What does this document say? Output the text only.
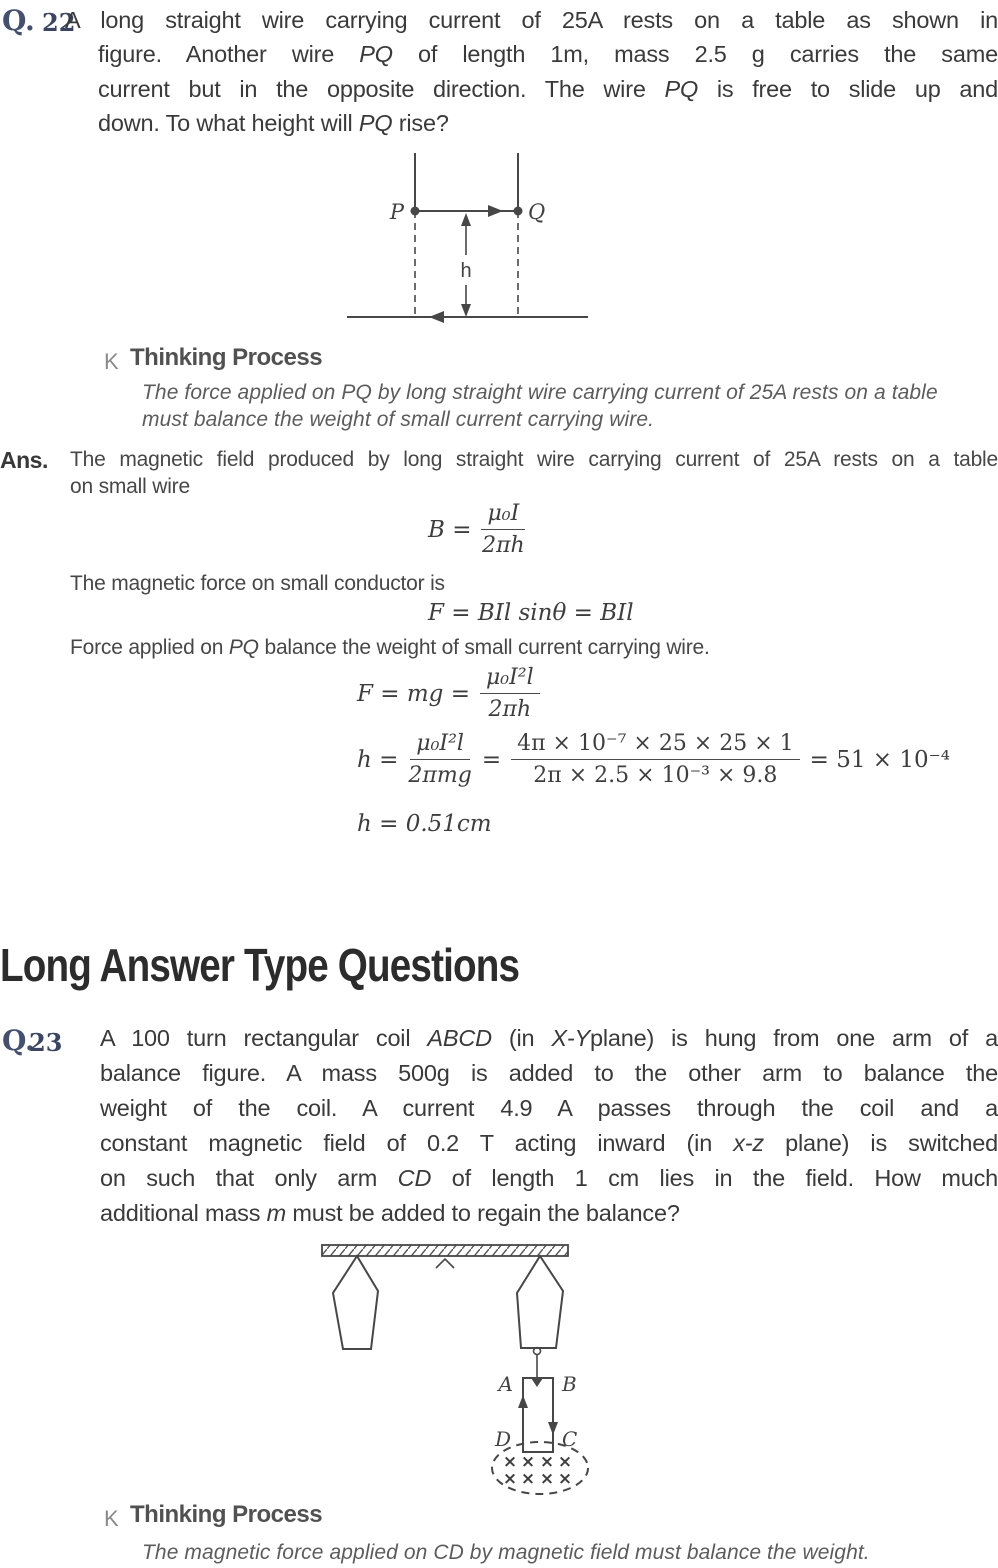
Q. 22
A long straight wire carrying current of 25A rests on a table as shown in
figure. Another wire PQ of length 1m, mass 2.5 g carries the same
current but in the opposite direction. The wire PQ is free to slide up and
down. To what height will PQ rise?
P	Q
h
K Thinking Process
The force applied on PQ by long straight wire carrying current of 25A rests on a table
must balance the weight of small current carrying wire.
Ans. The magnetic field produced by long straight wire carrying current of 25A rests on a table
on small wire
$B = \frac{\text{μ₀I}}{2\pi h}$
The magnetic force on small conductor is
F = BIl sinθ = BIl
Force applied on PQ balance the weight of small current carrying wire.
F = mg = $\frac{\text{μ₀I²l}}{2\pi h}$
$h = \frac{\text{μ₀I²l}}{\text{2πmg}} = \frac{\text{4π × 10⁻⁷ × 25 × 25 × 1}}{\text{2π × 2.5 × 10⁻³ × 9.8}} = 51 \times 10^{-4}$
h = 0.51cm
Long Answer Type Questions
Q.
23 A 100 turn rectangular coil ABCD (in X-Yplane) is hung from one arm of a
balance figure. A mass 500g is added to the other arm to balance the
weight of the coil. A current 4.9 A passes through the coil and a
constant magnetic field of 0.2 T acting inward (in x-z plane) is switched
on such that only arm CD of length 1 cm lies in the field. How much
additional mass m must be added to regain the balance?
A B
D	C
× × × ×
× × × ×
K Thinking Process
The magnetic force applied on CD by magnetic field must balance the weight.
